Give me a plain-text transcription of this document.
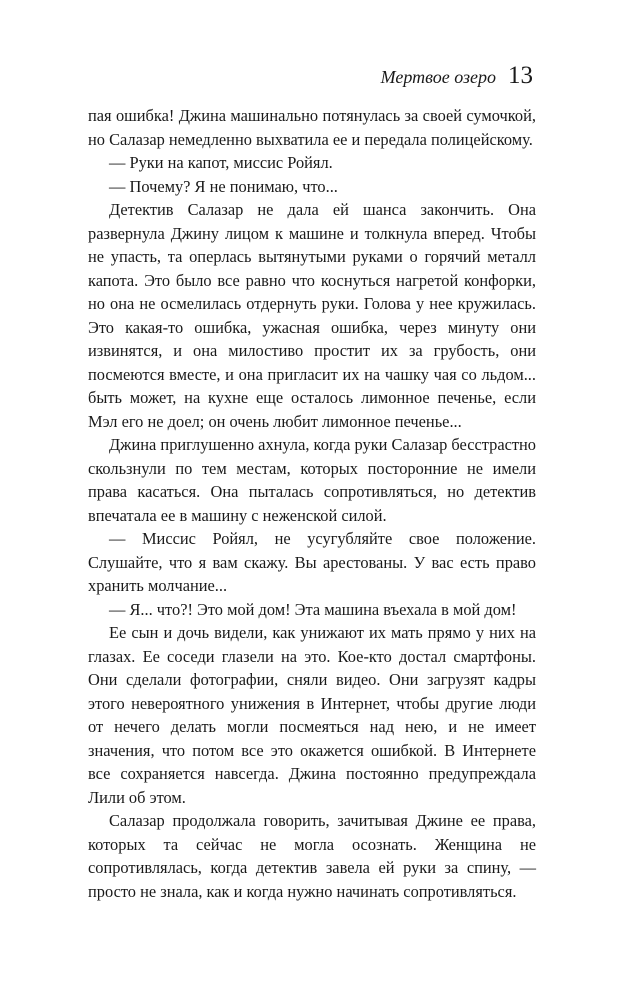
Мертвое озеро 13

пая ошибка! Джина машинально потянулась за своей сумочкой, но Салазар немедленно выхватила ее и передала полицейскому.

— Руки на капот, миссис Ройял.

— Почему? Я не понимаю, что...

Детектив Салазар не дала ей шанса закончить. Она развернула Джину лицом к машине и толкнула вперед. Чтобы не упасть, та оперлась вытянутыми руками о горячий металл капота. Это было все равно что коснуться нагретой конфорки, но она не осмелилась отдернуть руки. Голова у нее кружилась. Это какая-то ошибка, ужасная ошибка, через минуту они извинятся, и она милостиво простит их за грубость, они посмеются вместе, и она пригласит их на чашку чая со льдом... быть может, на кухне еще осталось лимонное печенье, если Мэл его не доел; он очень любит лимонное печенье...

Джина приглушенно ахнула, когда руки Салазар бесстрастно скользнули по тем местам, которых посторонние не имели права касаться. Она пыталась сопротивляться, но детектив впечатала ее в машину с неженской силой.

— Миссис Ройял, не усугубляйте свое положение. Слушайте, что я вам скажу. Вы арестованы. У вас есть право хранить молчание...

— Я... что?! Это мой дом! Эта машина въехала в мой дом!

Ее сын и дочь видели, как унижают их мать прямо у них на глазах. Ее соседи глазели на это. Кое-кто достал смартфоны. Они сделали фотографии, сняли видео. Они загрузят кадры этого невероятного унижения в Интернет, чтобы другие люди от нечего делать могли посмеяться над нею, и не имеет значения, что потом все это окажется ошибкой. В Интернете все сохраняется навсегда. Джина постоянно предупреждала Лили об этом.

Салазар продолжала говорить, зачитывая Джине ее права, которых та сейчас не могла осознать. Женщина не сопротивлялась, когда детектив завела ей руки за спину, — просто не знала, как и когда нужно начинать сопротивляться.
